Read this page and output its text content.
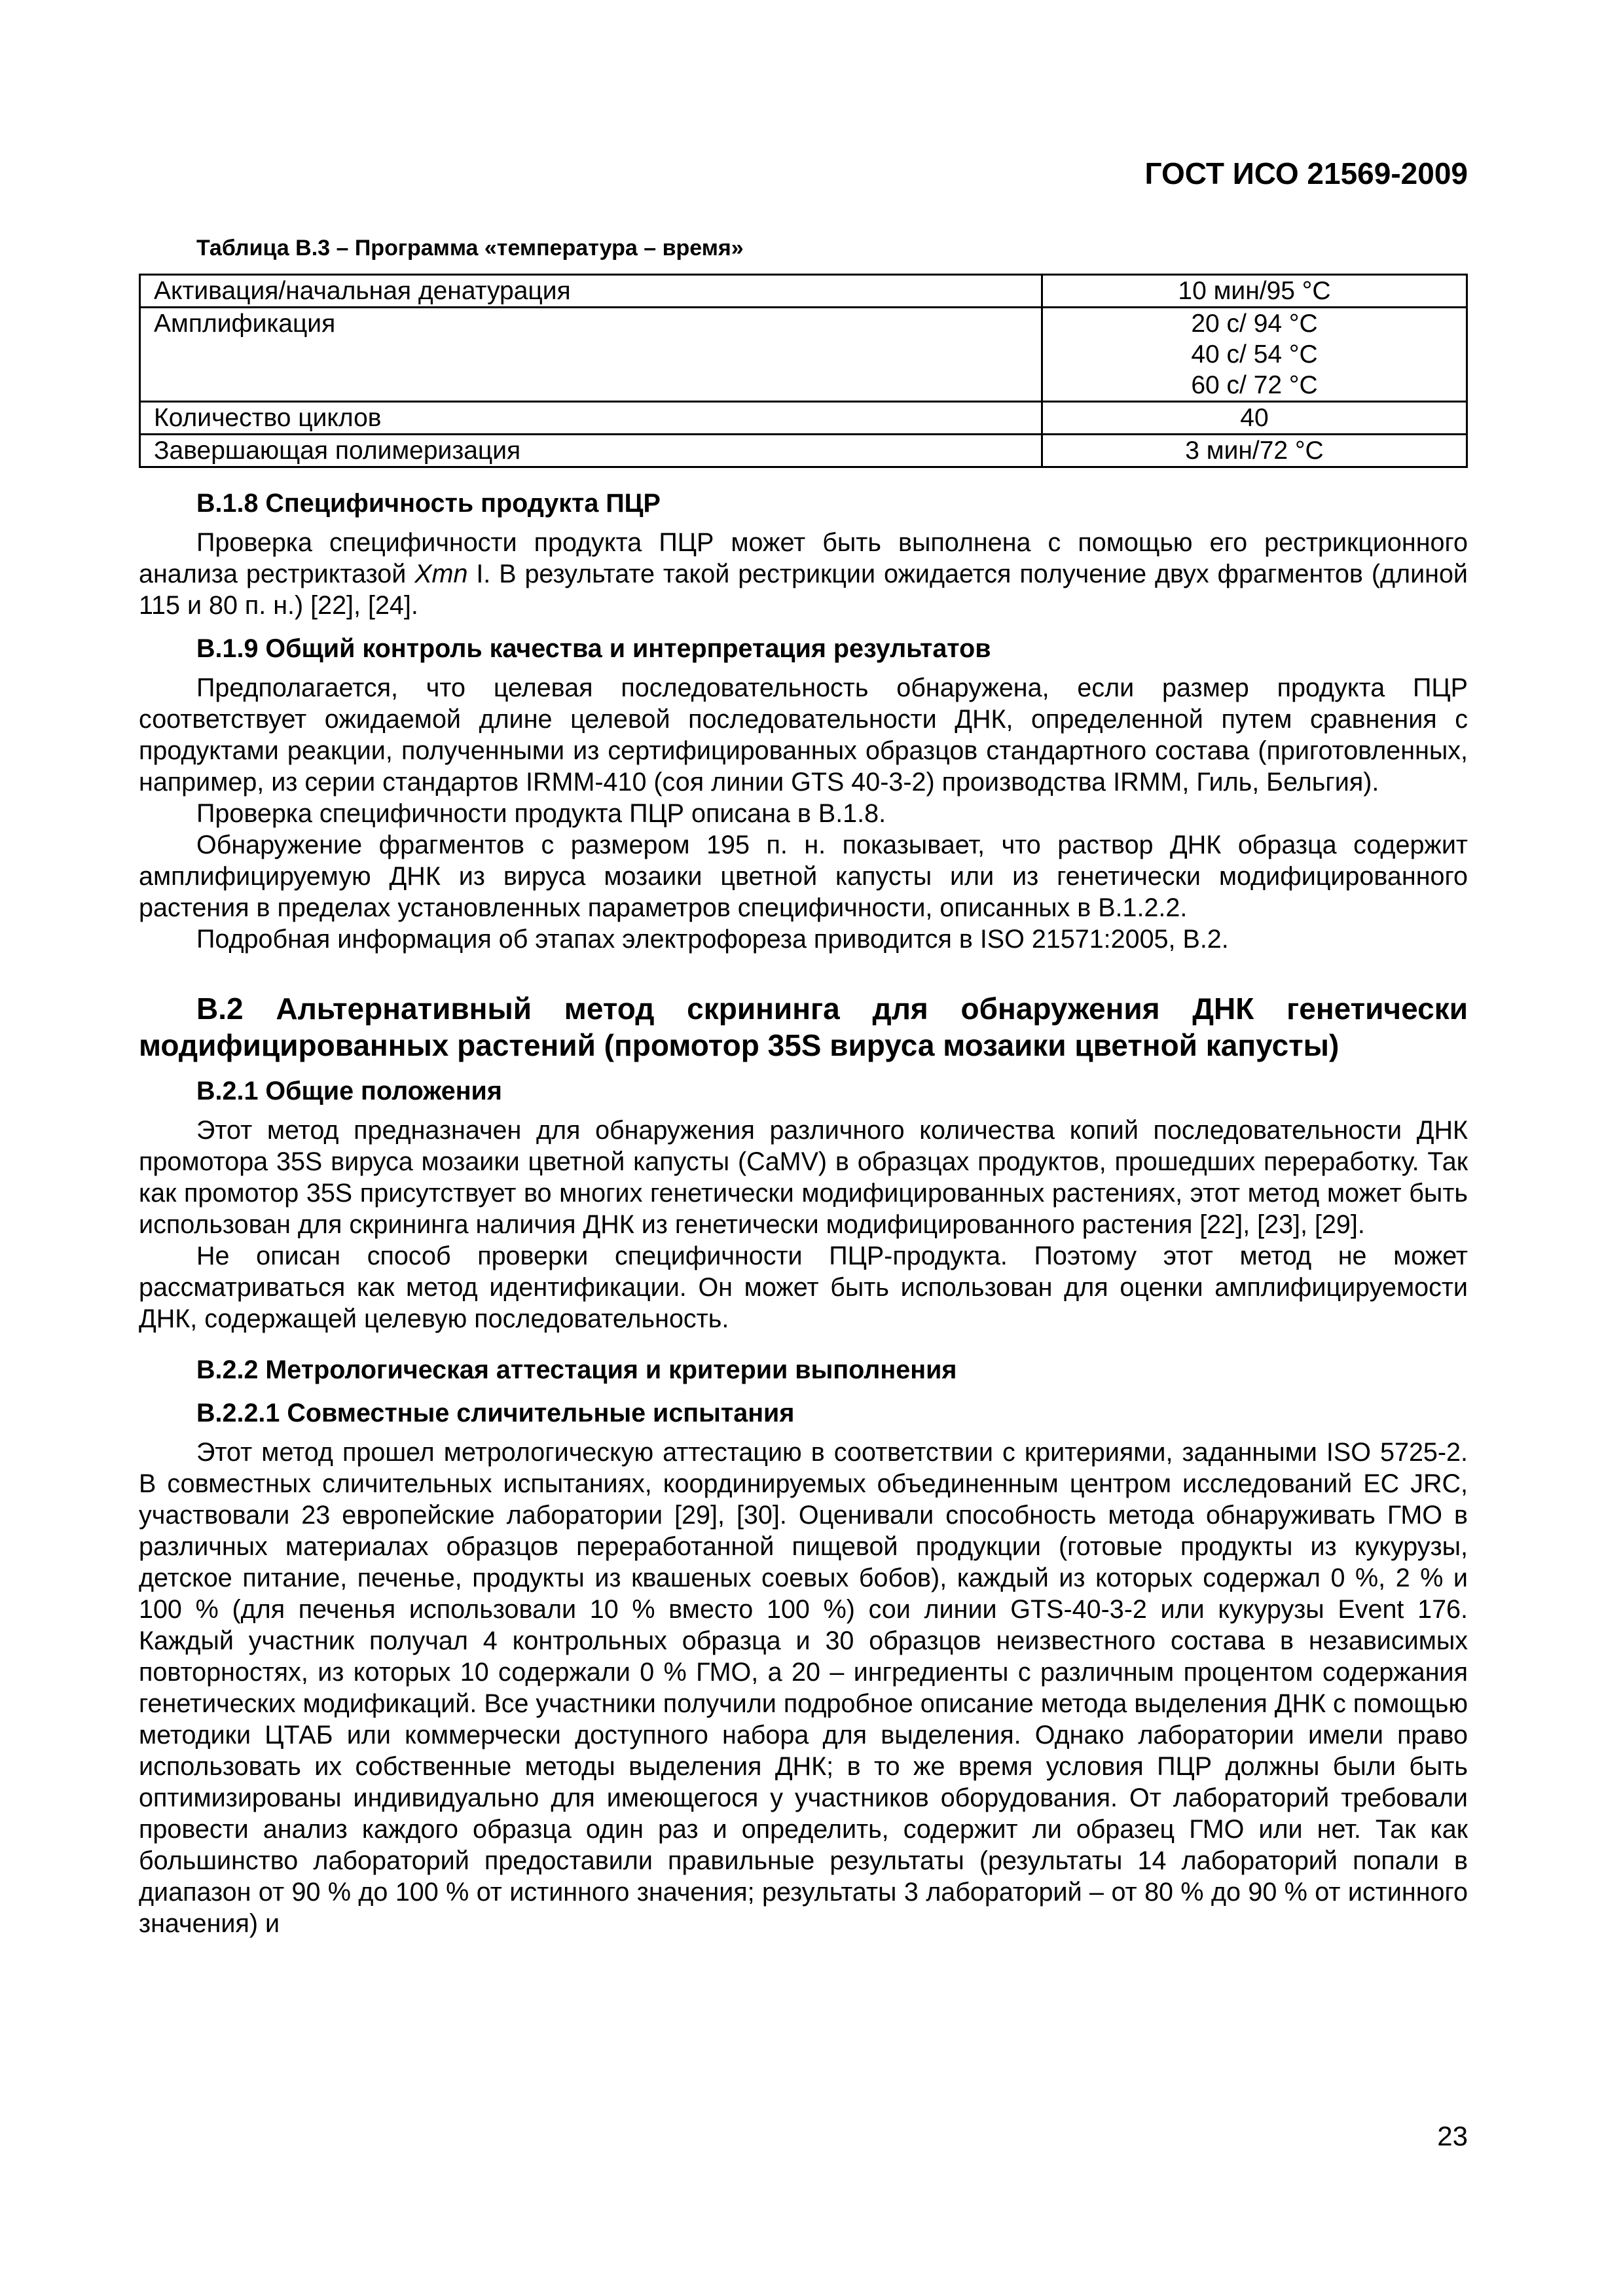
ГОСТ ИСО 21569-2009
Таблица В.3 – Программа «температура – время»
Активация/начальная денатурация	10 мин/95 °C
Амплификация	20 с/ 94 °C
40 с/ 54 °C
60 с/ 72 °C

Количество циклов	40
Завершающая полимеризация	3 мин/72 °C
В.1.8 Специфичность продукта ПЦР

Проверка специфичности продукта ПЦР может быть выполнена с помощью его рестрикционного анализа рестриктазой Xmn I. В результате такой рестрикции ожидается получение двух фрагментов (длиной 115 и 80 п. н.) [22], [24].

В.1.9 Общий контроль качества и интерпретация результатов

Предполагается, что целевая последовательность обнаружена, если размер продукта ПЦР соответствует ожидаемой длине целевой последовательности ДНК, определенной путем сравнения с продуктами реакции, полученными из сертифицированных образцов стандартного состава (приготовленных, например, из серии стандартов IRMM-410 (соя линии GTS 40-3-2) производства IRMM, Гиль, Бельгия).

Проверка специфичности продукта ПЦР описана в В.1.8.

Обнаружение фрагментов с размером 195 п. н. показывает, что раствор ДНК образца содержит амплифицируемую ДНК из вируса мозаики цветной капусты или из генетически модифицированного растения в пределах установленных параметров специфичности, описанных в В.1.2.2.

Подробная информация об этапах электрофореза приводится в ISO 21571:2005, В.2.

В.2 Альтернативный метод скрининга для обнаружения ДНК генетически модифицированных растений (промотор 35S вируса мозаики цветной капусты)
В.2.1 Общие положения

Этот метод предназначен для обнаружения различного количества копий последовательности ДНК промотора 35S вируса мозаики цветной капусты (CaMV) в образцах продуктов, прошедших переработку. Так как промотор 35S присутствует во многих генетически модифицированных растениях, этот метод может быть использован для скрининга наличия ДНК из генетически модифицированного растения [22], [23], [29].

Не описан способ проверки специфичности ПЦР-продукта. Поэтому этот метод не может рассматриваться как метод идентификации. Он может быть использован для оценки амплифицируемости ДНК, содержащей целевую последовательность.

В.2.2 Метрологическая аттестация и критерии выполнения
В.2.2.1 Совместные сличительные испытания

Этот метод прошел метрологическую аттестацию в соответствии с критериями, заданными ISO 5725-2. В совместных сличительных испытаниях, координируемых объединенным центром исследований EC JRC, участвовали 23 европейские лаборатории [29], [30]. Оценивали способность метода обнаруживать ГМО в различных материалах образцов переработанной пищевой продукции (готовые продукты из кукурузы, детское питание, печенье, продукты из квашеных соевых бобов), каждый из которых содержал 0 %, 2 % и 100 % (для печенья использовали 10 % вместо 100 %) сои линии GTS-40-3-2 или кукурузы Event 176. Каждый участник получал 4 контрольных образца и 30 образцов неизвестного состава в независимых повторностях, из которых 10 содержали 0 % ГМО, а 20 – ингредиенты с различным процентом содержания генетических модификаций. Все участники получили подробное описание метода выделения ДНК с помощью методики ЦТАБ или коммерчески доступного набора для выделения. Однако лаборатории имели право использовать их собственные методы выделения ДНК; в то же время условия ПЦР должны были быть оптимизированы индивидуально для имеющегося у участников оборудования. От лабораторий требовали провести анализ каждого образца один раз и определить, содержит ли образец ГМО или нет. Так как большинство лабораторий предоставили правильные результаты (результаты 14 лабораторий попали в диапазон от 90 % до 100 % от истинного значения; результаты 3 лабораторий – от 80 % до 90 % от истинного значения) и

23
